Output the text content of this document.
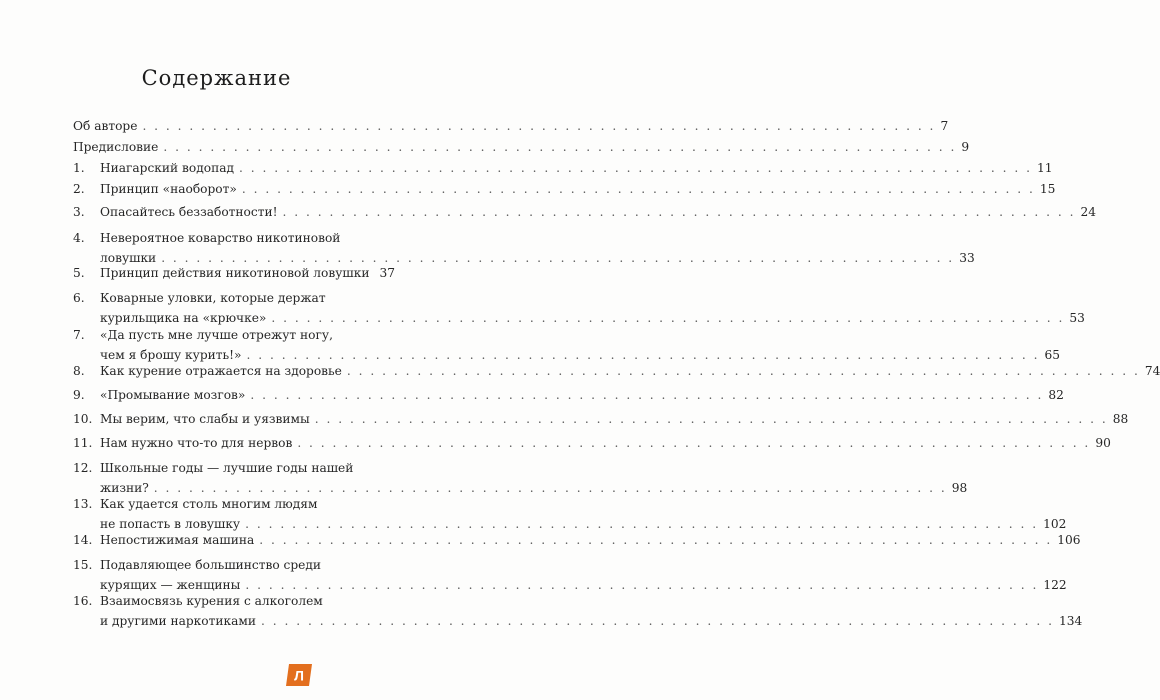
Содержание
Об авторе . . . . . . . . . . . . . . . . . . . . . . . . . . . . . . . . . . . . . . . . . . . . . . . . . . . . . . . . . . . . . . . . . . . . 7
Предисловие . . . . . . . . . . . . . . . . . . . . . . . . . . . . . . . . . . . . . . . . . . . . . . . . . . . . . . . . . . . . . . . . . . . . 9
1. Ниагарский водопад . . . . . . . . . . . . . . . . . . . . . . . . . . . . . . . . . . . . . . . . . . . . . . . . . . . . . . . . . . . . . . . . . . . . 11
2. Принцип «наоборот» . . . . . . . . . . . . . . . . . . . . . . . . . . . . . . . . . . . . . . . . . . . . . . . . . . . . . . . . . . . . . . . . . . . . 15
3. Опасайтесь беззаботности! . . . . . . . . . . . . . . . . . . . . . . . . . . . . . . . . . . . . . . . . . . . . . . . . . . . . . . . . . . . . . . . . . . . . 24
4. Невероятное коварство никотиновой
ловушки . . . . . . . . . . . . . . . . . . . . . . . . . . . . . . . . . . . . . . . . . . . . . . . . . . . . . . . . . . . . . . . . . . . . 33
5. Принцип действия никотиновой ловушки 37
6. Коварные уловки, которые держат
курильщика на «крючке» . . . . . . . . . . . . . . . . . . . . . . . . . . . . . . . . . . . . . . . . . . . . . . . . . . . . . . . . . . . . . . . . . . . . 53
7. «Да пусть мне лучше отрежут ногу,
чем я брошу курить!» . . . . . . . . . . . . . . . . . . . . . . . . . . . . . . . . . . . . . . . . . . . . . . . . . . . . . . . . . . . . . . . . . . . . 65
8. Как курение отражается на здоровье . . . . . . . . . . . . . . . . . . . . . . . . . . . . . . . . . . . . . . . . . . . . . . . . . . . . . . . . . . . . . . . . . . . . 74
9. «Промывание мозгов» . . . . . . . . . . . . . . . . . . . . . . . . . . . . . . . . . . . . . . . . . . . . . . . . . . . . . . . . . . . . . . . . . . . . 82
10. Мы верим, что слабы и уязвимы . . . . . . . . . . . . . . . . . . . . . . . . . . . . . . . . . . . . . . . . . . . . . . . . . . . . . . . . . . . . . . . . . . . . 88
11. Нам нужно что-то для нервов . . . . . . . . . . . . . . . . . . . . . . . . . . . . . . . . . . . . . . . . . . . . . . . . . . . . . . . . . . . . . . . . . . . . 90
12. Школьные годы — лучшие годы нашей
жизни? . . . . . . . . . . . . . . . . . . . . . . . . . . . . . . . . . . . . . . . . . . . . . . . . . . . . . . . . . . . . . . . . . . . . 98
13. Как удается столь многим людям
не попасть в ловушку . . . . . . . . . . . . . . . . . . . . . . . . . . . . . . . . . . . . . . . . . . . . . . . . . . . . . . . . . . . . . . . . . . . . 102
14. Непостижимая машина . . . . . . . . . . . . . . . . . . . . . . . . . . . . . . . . . . . . . . . . . . . . . . . . . . . . . . . . . . . . . . . . . . . . 106
15. Подавляющее большинство среди
курящих — женщины . . . . . . . . . . . . . . . . . . . . . . . . . . . . . . . . . . . . . . . . . . . . . . . . . . . . . . . . . . . . . . . . . . . . 122
16. Взаимосвязь курения с алкоголем
и другими наркотиками . . . . . . . . . . . . . . . . . . . . . . . . . . . . . . . . . . . . . . . . . . . . . . . . . . . . . . . . . . . . . . . . . . . . 134
Л
